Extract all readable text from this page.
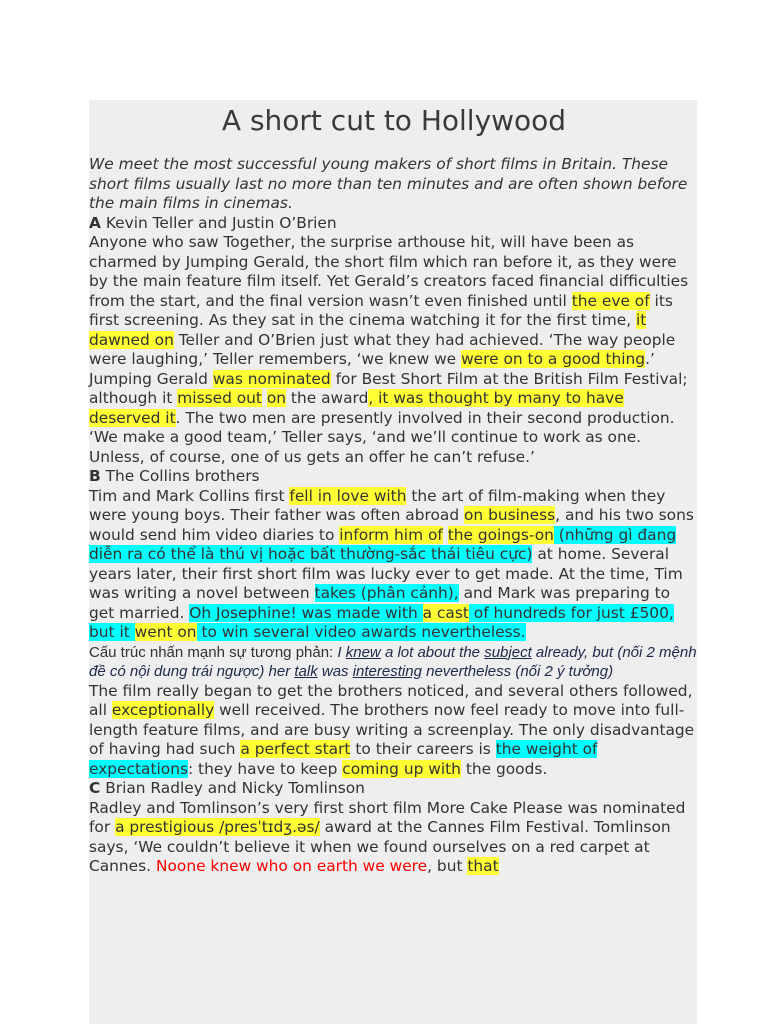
A short cut to Hollywood

We meet the most successful young makers of short films in Britain. These short films usually last no more than ten minutes and are often shown before the main films in cinemas.

A Kevin Teller and Justin O’Brien

Anyone who saw Together, the surprise arthouse hit, will have been as charmed by Jumping Gerald, the short film which ran before it, as they were by the main feature film itself. Yet Gerald’s creators faced financial difficulties from the start, and the final version wasn’t even finished until the eve of its first screening. As they sat in the cinema watching it for the first time, it dawned on Teller and O’Brien just what they had achieved. ‘The way people were laughing,’ Teller remembers, ‘we knew we were on to a good thing.’ Jumping Gerald was nominated for Best Short Film at the British Film Festival; although it missed out on the award, it was thought by many to have deserved it. The two men are presently involved in their second production. ‘We make a good team,’ Teller says, ‘and we’ll continue to work as one. Unless, of course, one of us gets an offer he can’t refuse.’

B The Collins brothers

Tim and Mark Collins first fell in love with the art of film-making when they were young boys. Their father was often abroad on business, and his two sons would send him video diaries to inform him of the goings-on (những gì đang diễn ra có thể là thú vị hoặc bất thường-sắc thái tiêu cực) at home. Several years later, their first short film was lucky ever to get made. At the time, Tim was writing a novel between takes (phân cảnh), and Mark was preparing to get married. Oh Josephine! was made with a cast of hundreds for just £500, but it went on to win several video awards nevertheless.

Cấu trúc nhấn mạnh sự tương phản: I knew a lot about the subject already, but (nối 2 mệnh đề có nội dung trái ngược) her talk was interesting nevertheless (nối 2 ý tưởng)

The film really began to get the brothers noticed, and several others followed, all exceptionally well received. The brothers now feel ready to move into full-length feature films, and are busy writing a screenplay. The only disadvantage of having had such a perfect start to their careers is the weight of expectations: they have to keep coming up with the goods.

C Brian Radley and Nicky Tomlinson

Radley and Tomlinson’s very first short film More Cake Please was nominated for a prestigious /presˈtɪdʒ.əs/ award at the Cannes Film Festival. Tomlinson says, ‘We couldn’t believe it when we found ourselves on a red carpet at Cannes. Noone knew who on earth we were, but that
